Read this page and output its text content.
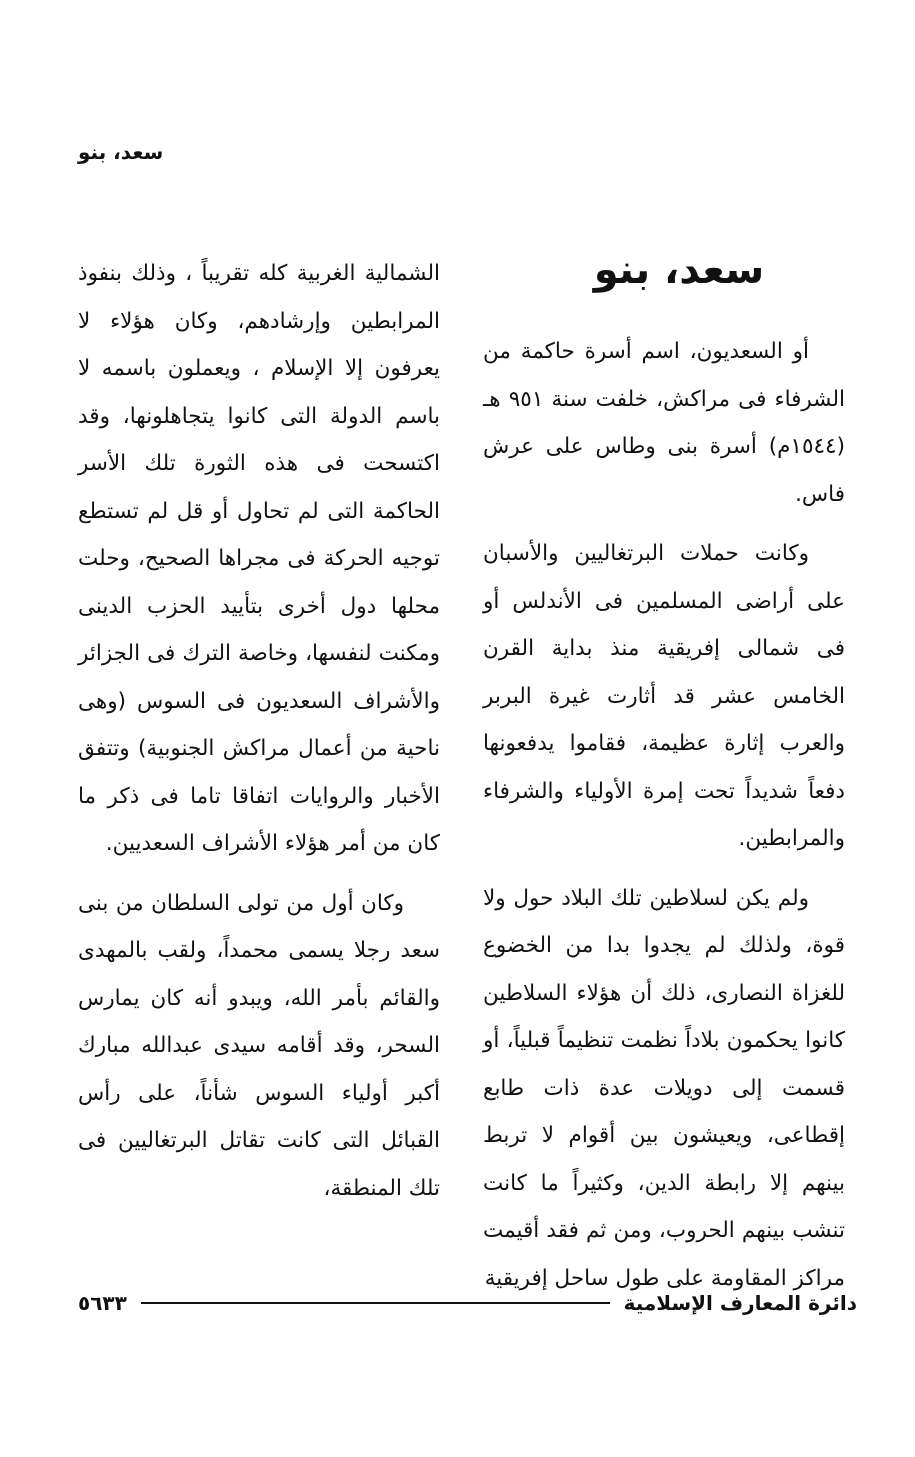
سعد، بنو
سعد، بنو

أو السعديون، اسم أسرة حاكمة من الشرفاء فى مراكش، خلفت سنة ٩٥١ هـ (١٥٤٤م) أسرة بنى وطاس على عرش فاس.

وكانت حملات البرتغاليين والأسبان على أراضى المسلمين فى الأندلس أو فى شمالى إفريقية منذ بداية القرن الخامس عشر قد أثارت غيرة البربر والعرب إثارة عظيمة، فقاموا يدفعونها دفعاً شديداً تحت إمرة الأولياء والشرفاء والمرابطين.

ولم يكن لسلاطين تلك البلاد حول ولا قوة، ولذلك لم يجدوا بدا من الخضوع للغزاة النصارى، ذلك أن هؤلاء السلاطين كانوا يحكمون بلاداً نظمت تنظيماً قبلياً، أو قسمت إلى دويلات عدة ذات طابع إقطاعى، ويعيشون بين أقوام لا تربط بينهم إلا رابطة الدين، وكثيراً ما كانت تنشب بينهم الحروب، ومن ثم فقد أقيمت مراكز المقاومة على طول ساحل إفريقية

الشمالية الغربية كله تقريباً ، وذلك بنفوذ المرابطين وإرشادهم، وكان هؤلاء لا يعرفون إلا الإسلام ، ويعملون باسمه لا باسم الدولة التى كانوا يتجاهلونها، وقد اكتسحت فى هذه الثورة تلك الأسر الحاكمة التى لم تحاول أو قل لم تستطع توجيه الحركة فى مجراها الصحيح، وحلت محلها دول أخرى بتأييد الحزب الدينى ومكنت لنفسها، وخاصة الترك فى الجزائر والأشراف السعديون فى السوس (وهى ناحية من أعمال مراكش الجنوبية) وتتفق الأخبار والروايات اتفاقا تاما فى ذكر ما كان من أمر هؤلاء الأشراف السعديين.

وكان أول من تولى السلطان من بنى سعد رجلا يسمى محمداً، ولقب بالمهدى والقائم بأمر الله، ويبدو أنه كان يمارس السحر، وقد أقامه سيدى عبدالله مبارك أكبر أولياء السوس شأناً، على رأس القبائل التى كانت تقاتل البرتغاليين فى تلك المنطقة،

دائرة المعارف الإسلامية
٥٦٣٣
